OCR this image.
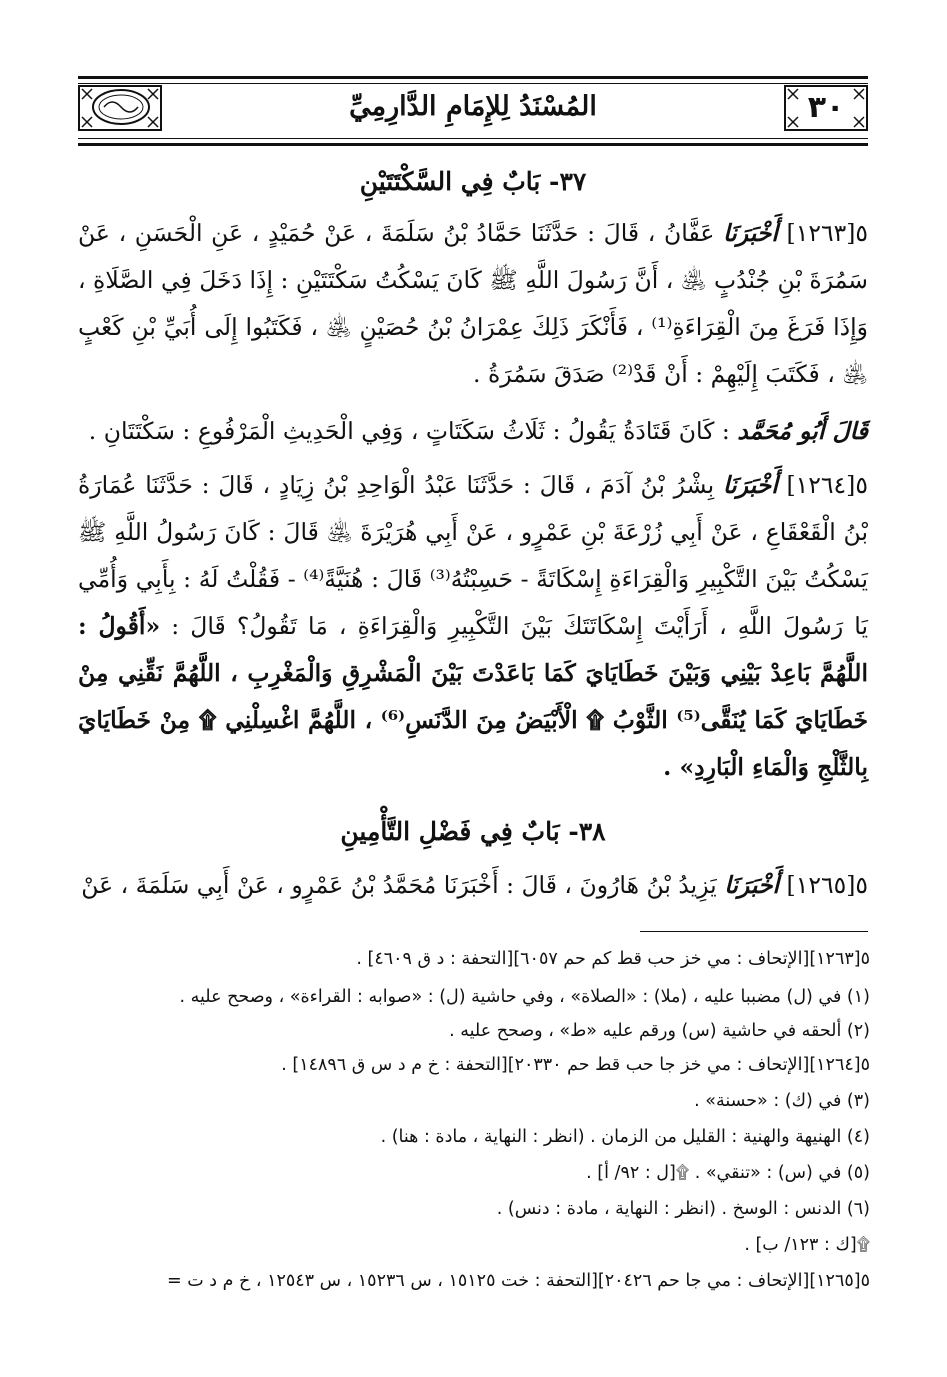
٣٠
المُسْنَدُ لِلإِمَامِ الدَّارِمِيِّ
٣٧- بَابٌ فِي السَّكْتَتَيْنِ
٥[١٢٦٣] أَخْبَرَنَا عَفَّانُ ، قَالَ : حَدَّثَنَا حَمَّادُ بْنُ سَلَمَةَ ، عَنْ حُمَيْدٍ ، عَنِ الْحَسَنِ ، عَنْ سَمُرَةَ بْنِ جُنْدُبٍ ﵁ ، أَنَّ رَسُولَ اللَّهِ ﷺ كَانَ يَسْكُتُ سَكْتَتَيْنِ : إِذَا دَخَلَ فِي الصَّلَاةِ ، وَإِذَا فَرَغَ مِنَ الْقِرَاءَةِ⁽¹⁾ ، فَأَنْكَرَ ذَلِكَ عِمْرَانُ بْنُ حُصَيْنٍ ﵁ ، فَكَتَبُوا إِلَى أُبَيِّ بْنِ كَعْبٍ ﵁ ، فَكَتَبَ إِلَيْهِمْ : أَنْ قَدْ⁽²⁾ صَدَقَ سَمُرَةُ .
قَالَ أَبُو مُحَمَّد : كَانَ قَتَادَةُ يَقُولُ : ثَلَاثُ سَكَتَاتٍ ، وَفِي الْحَدِيثِ الْمَرْفُوعِ : سَكْتَتَانِ .
٥[١٢٦٤] أَخْبَرَنَا بِشْرُ بْنُ آدَمَ ، قَالَ : حَدَّثَنَا عَبْدُ الْوَاحِدِ بْنُ زِيَادٍ ، قَالَ : حَدَّثَنَا عُمَارَةُ بْنُ الْقَعْقَاعِ ، عَنْ أَبِي زُرْعَةَ بْنِ عَمْرٍو ، عَنْ أَبِي هُرَيْرَةَ ﵁ قَالَ : كَانَ رَسُولُ اللَّهِ ﷺ يَسْكُتُ بَيْنَ التَّكْبِيرِ وَالْقِرَاءَةِ إِسْكَاتَةً - حَسِبْتُهُ⁽³⁾ قَالَ : هُنَيَّةً⁽⁴⁾ - فَقُلْتُ لَهُ : بِأَبِي وَأُمِّي يَا رَسُولَ اللَّهِ ، أَرَأَيْتَ إِسْكَاتَتَكَ بَيْنَ التَّكْبِيرِ وَالْقِرَاءَةِ ، مَا تَقُولُ؟ قَالَ : «أَقُولُ : اللَّهُمَّ بَاعِدْ بَيْنِي وَبَيْنَ خَطَايَايَ كَمَا بَاعَدْتَ بَيْنَ الْمَشْرِقِ وَالْمَغْرِبِ ، اللَّهُمَّ نَقِّنِي مِنْ خَطَايَايَ كَمَا يُنَقَّى⁽⁵⁾ الثَّوْبُ ۩ الْأَبْيَضُ مِنَ الدَّنَسِ⁽⁶⁾ ، اللَّهُمَّ اغْسِلْنِي ۩ مِنْ خَطَايَايَ بِالثَّلْجِ وَالْمَاءِ الْبَارِدِ» .
٣٨- بَابٌ فِي فَضْلِ التَّأْمِينِ
٥[١٢٦٥] أَخْبَرَنَا يَزِيدُ بْنُ هَارُونَ ، قَالَ : أَخْبَرَنَا مُحَمَّدُ بْنُ عَمْرٍو ، عَنْ أَبِي سَلَمَةَ ، عَنْ
٥[١٢٦٣][الإتحاف : مي خز حب قط كم حم ٦٠٥٧][التحفة : د ق ٤٦٠٩] .
(١) في (ل) مضببا عليه ، (ملا) : «الصلاة» ، وفي حاشية (ل) : «صوابه : القراءة» ، وصحح عليه .
(٢) ألحقه في حاشية (س) ورقم عليه «ط» ، وصحح عليه .
٥[١٢٦٤][الإتحاف : مي خز جا حب قط حم ٢٠٣٣٠][التحفة : خ م د س ق ١٤٨٩٦] .
(٣) في (ك) : «حسنة» .
(٤) الهنيهة والهنية : القليل من الزمان . (انظر : النهاية ، مادة : هنا) .
(٥) في (س) : «تنقي» . ۩[ل : ٩٢/ أ] .
(٦) الدنس : الوسخ . (انظر : النهاية ، مادة : دنس) .
۩[ك : ١٢٣/ ب] .
٥[١٢٦٥][الإتحاف : مي جا حم ٢٠٤٢٦][التحفة : خت ١٥١٢٥ ، س ١٥٢٣٦ ، س ١٢٥٤٣ ، خ م د ت =
